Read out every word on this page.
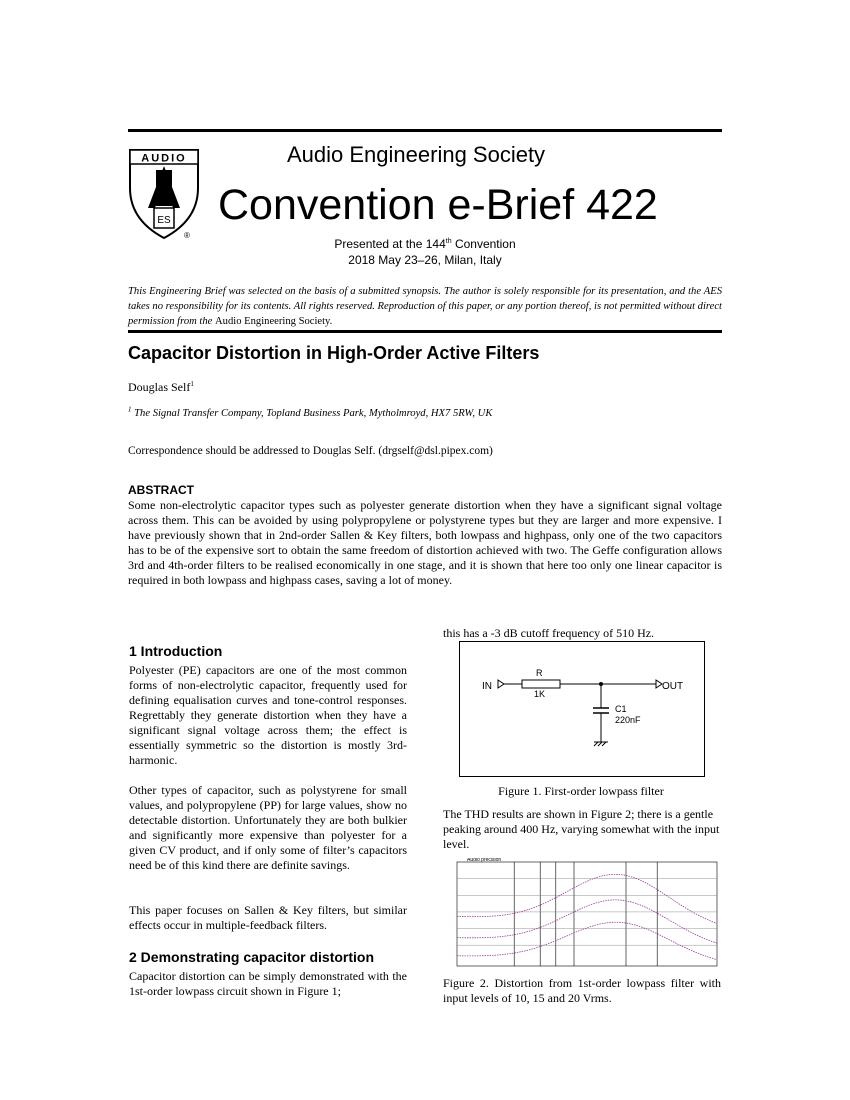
AUDIO
ES
®
Audio Engineering Society
Convention e-Brief 422
Presented at the 144th Convention
2018 May 23–26, Milan, Italy
This Engineering Brief was selected on the basis of a submitted synopsis. The author is solely responsible for its presentation, and the AES takes no responsibility for its contents. All rights reserved. Reproduction of this paper, or any portion thereof, is not permitted without direct permission from the Audio Engineering Society.
Capacitor Distortion in High-Order Active Filters
Douglas Self$^1$
$^1$ The Signal Transfer Company, Topland Business Park, Mytholmroyd, HX7 5RW, UK
Correspondence should be addressed to Douglas Self. (drgself@dsl.pipex.com)
ABSTRACT
Some non-electrolytic capacitor types such as polyester generate distortion when they have a significant signal voltage across them. This can be avoided by using polypropylene or polystyrene types but they are larger and more expensive. I have previously shown that in 2nd-order Sallen & Key filters, both lowpass and highpass, only one of the two capacitors has to be of the expensive sort to obtain the same freedom of distortion achieved with two. The Geffe configuration allows 3rd and 4th-order filters to be realised economically in one stage, and it is shown that here too only one linear capacitor is required in both lowpass and highpass cases, saving a lot of money.
1 Introduction
Polyester (PE) capacitors are one of the most common forms of non-electrolytic capacitor, frequently used for defining equalisation curves and tone-control responses. Regrettably they generate distortion when they have a significant signal voltage across them; the effect is essentially symmetric so the distortion is mostly 3rd-harmonic.
Other types of capacitor, such as polystyrene for small values, and polypropylene (PP) for large values, show no detectable distortion. Unfortunately they are both bulkier and significantly more expensive than polyester for a given CV product, and if only some of filter’s capacitors need be of this kind there are definite savings.
This paper focuses on Sallen & Key filters, but similar effects occur in multiple-feedback filters.
2 Demonstrating capacitor distortion
Capacitor distortion can be simply demonstrated with the 1st-order lowpass circuit shown in Figure 1;
this has a -3 dB cutoff frequency of 510 Hz.
IN
R
1K
OUT
C1
220nF
Figure 1. First-order lowpass filter
The THD results are shown in Figure 2; there is a gentle peaking around 400 Hz, varying somewhat with the input level.
Audio precision
Figure 2. Distortion from 1st-order lowpass filter with input levels of 10, 15 and 20 Vrms.
